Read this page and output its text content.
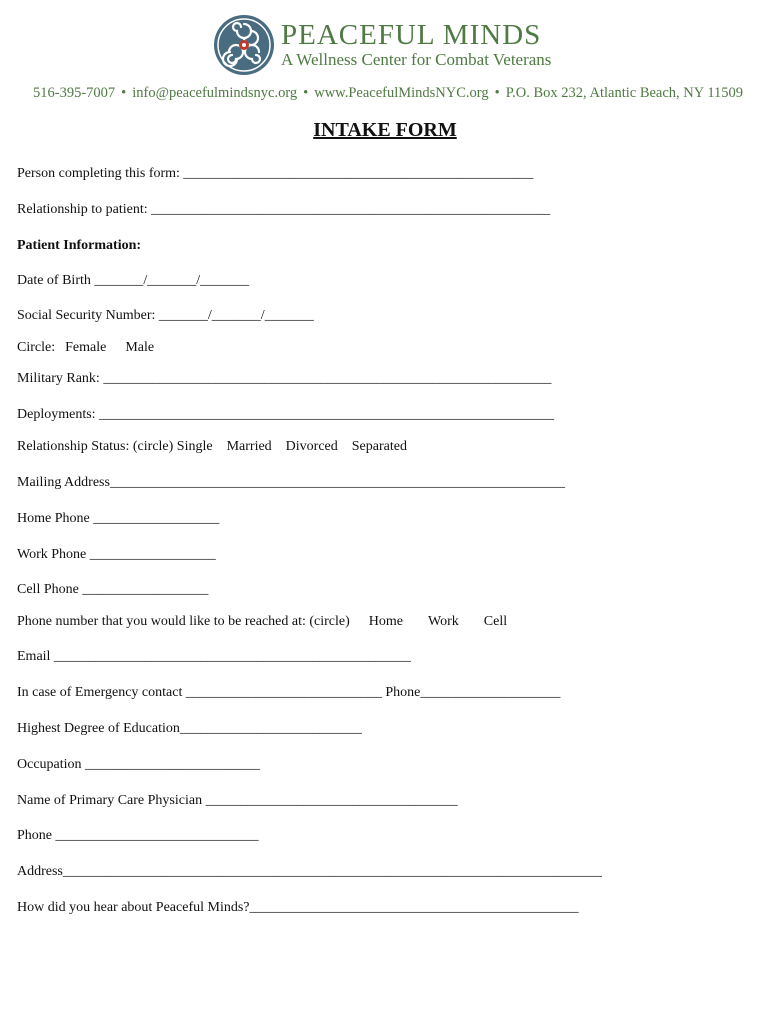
PEACEFUL MINDS
A Wellness Center for Combat Veterans
516-395-7007 • info@peacefulmindsnyc.org • www.PeacefulMindsNYC.org • P.O. Box 232, Atlantic Beach, NY 11509
INTAKE FORM
Person completing this form: __________________________________________________
Relationship to patient: _________________________________________________________
Patient Information:
Date of Birth _______/_______/_______
Social Security Number: _______/_______/_______
Circle: Female Male
Military Rank: ________________________________________________________________
Deployments: _________________________________________________________________
Relationship Status: (circle) Single Married Divorced Separated
Mailing Address_________________________________________________________________
Home Phone __________________
Work Phone __________________
Cell Phone __________________
Phone number that you would like to be reached at: (circle) Home Work Cell
Email ___________________________________________________
In case of Emergency contact ____________________________ Phone____________________
Highest Degree of Education__________________________
Occupation _________________________
Name of Primary Care Physician ____________________________________
Phone _____________________________
Address_____________________________________________________________________________
How did you hear about Peaceful Minds?_______________________________________________
